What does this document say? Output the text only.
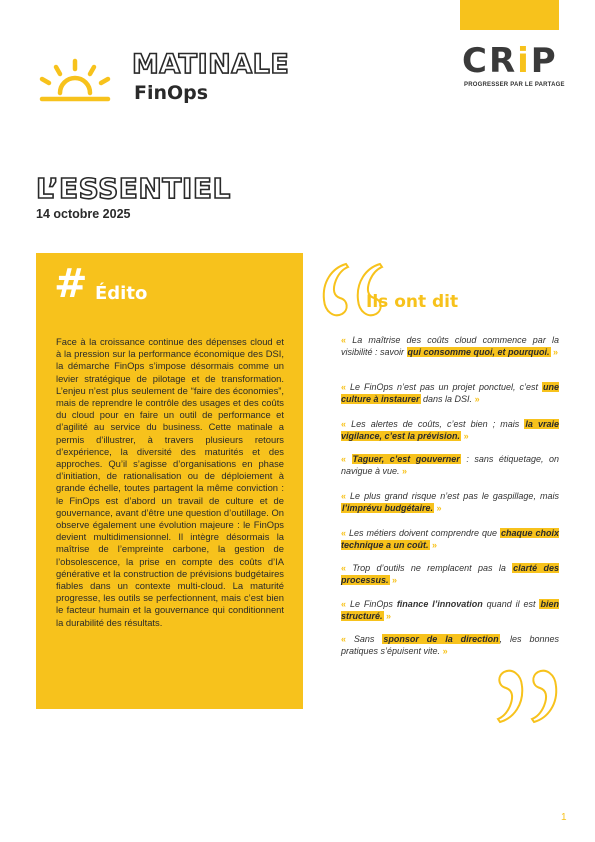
MATINALE
FinOps
CRiP
PROGRESSER PAR LE PARTAGE
L’ESSENTIEL
14 octobre 2025
# Édito

Face à la croissance continue des dépenses cloud et à la pression sur la performance économique des DSI, la démarche FinOps s’impose désormais comme un levier stratégique de pilotage et de transformation. L’enjeu n’est plus seulement de “faire des économies”, mais de reprendre le contrôle des usages et des coûts du cloud pour en faire un outil de performance et d’agilité au service du business. Cette matinale a permis d’illustrer, à travers plusieurs retours d’expérience, la diversité des maturités et des approches. Qu’il s’agisse d’organisations en phase d’initiation, de rationalisation ou de déploiement à grande échelle, toutes partagent la même conviction : le FinOps est d’abord un travail de culture et de gouvernance, avant d’être une question d’outillage. On observe également une évolution majeure : le FinOps devient multidimensionnel. Il intègre désormais la maîtrise de l’empreinte carbone, la gestion de l’obsolescence, la prise en compte des coûts d’IA générative et la construction de prévisions budgétaires fiables dans un contexte multi-cloud. La maturité progresse, les outils se perfectionnent, mais c’est bien le facteur humain et la gouvernance qui conditionnent la durabilité des résultats.

Ils ont dit
« La maîtrise des coûts cloud commence par la visibilité : savoir qui consomme quoi, et pourquoi. »
« Le FinOps n’est pas un projet ponctuel, c’est une culture à instaurer dans la DSI. »
« Les alertes de coûts, c’est bien ; mais la vraie vigilance, c’est la prévision. »
« Taguer, c’est gouverner : sans étiquetage, on navigue à vue. »
« Le plus grand risque n’est pas le gaspillage, mais l’imprévu budgétaire. »
« Les métiers doivent comprendre que chaque choix technique a un coût. »
« Trop d’outils ne remplacent pas la clarté des processus. »
« Le FinOps finance l’innovation quand il est bien structuré. »
« Sans sponsor de la direction, les bonnes pratiques s’épuisent vite. »
1
